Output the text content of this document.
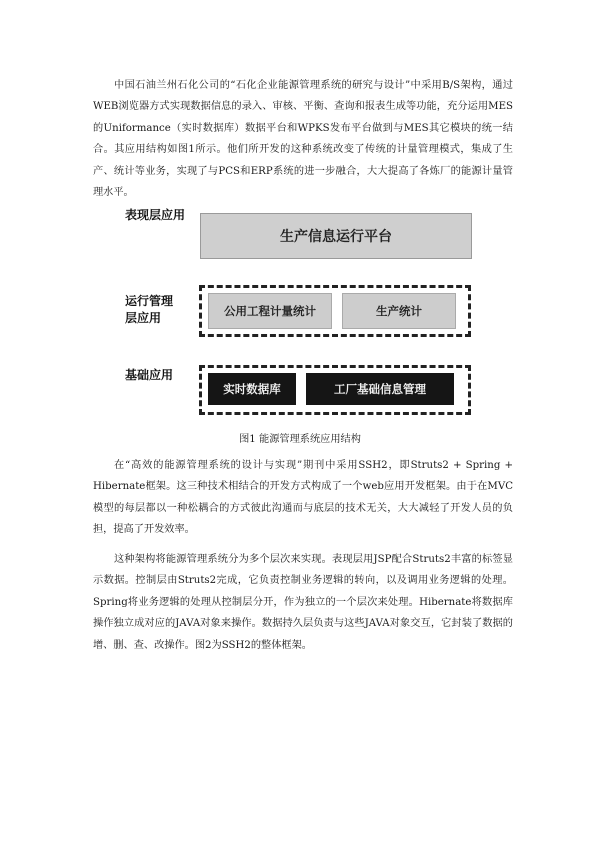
中国石油兰州石化公司的“石化企业能源管理系统的研究与设计”中采用B/S架构，通过WEB浏览器方式实现数据信息的录入、审核、平衡、查询和报表生成等功能，充分运用MES的Uniformance（实时数据库）数据平台和WPKS发布平台做到与MES其它模块的统一结合。其应用结构如图1所示。他们所开发的这种系统改变了传统的计量管理模式，集成了生产、统计等业务，实现了与PCS和ERP系统的进一步融合，大大提高了各炼厂的能源计量管理水平。

表现层应用
生产信息运行平台
运行管理层应用	公用工程计量统计	生产统计
基础应用
实时数据库	工厂基础信息管理
图1 能源管理系统应用结构

在“高效的能源管理系统的设计与实现”期刊中采用SSH2，即Struts2 + Spring + Hibernate框架。这三种技术相结合的开发方式构成了一个web应用开发框架。由于在MVC模型的每层都以一种松耦合的方式彼此沟通而与底层的技术无关，大大减轻了开发人员的负担，提高了开发效率。

这种架构将能源管理系统分为多个层次来实现。表现层用JSP配合Struts2丰富的标签显示数据。控制层由Struts2完成，它负责控制业务逻辑的转向，以及调用业务逻辑的处理。Spring将业务逻辑的处理从控制层分开，作为独立的一个层次来处理。Hibernate将数据库操作独立成对应的JAVA对象来操作。数据持久层负责与这些JAVA对象交互，它封装了数据的增、删、查、改操作。图2为SSH2的整体框架。
